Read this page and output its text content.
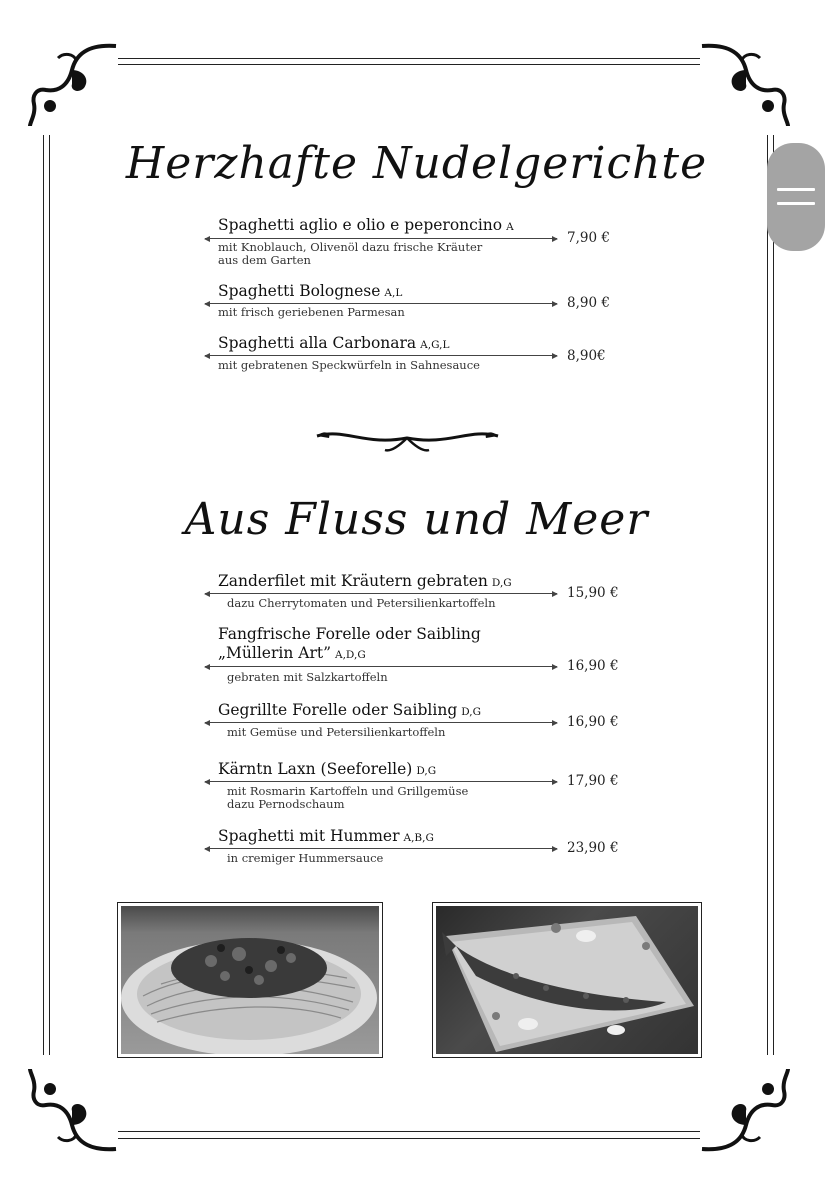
Herzhafte Nudelgerichte
Spaghetti aglio e olio e peperoncino A
7,90 €
mit Knoblauch, Olivenöl dazu frische Kräuter
aus dem Garten
Spaghetti Bolognese A,L
8,90 €
mit frisch geriebenen Parmesan
Spaghetti alla Carbonara A,G,L
8,90€
mit gebratenen Speckwürfeln in Sahnesauce
Aus Fluss und Meer
Zanderfilet mit Kräutern gebraten D,G
15,90 €
dazu Cherrytomaten und Petersilienkartoffeln
Fangfrische Forelle oder Saibling
„Müllerin Art” A,D,G
16,90 €
gebraten mit Salzkartoffeln
Gegrillte Forelle oder Saibling D,G
16,90 €
mit Gemüse und Petersilienkartoffeln
Kärntn Laxn (Seeforelle) D,G
17,90 €
mit Rosmarin Kartoffeln und Grillgemüse
dazu Pernodschaum
Spaghetti mit Hummer A,B,G
23,90 €
in cremiger Hummersauce
